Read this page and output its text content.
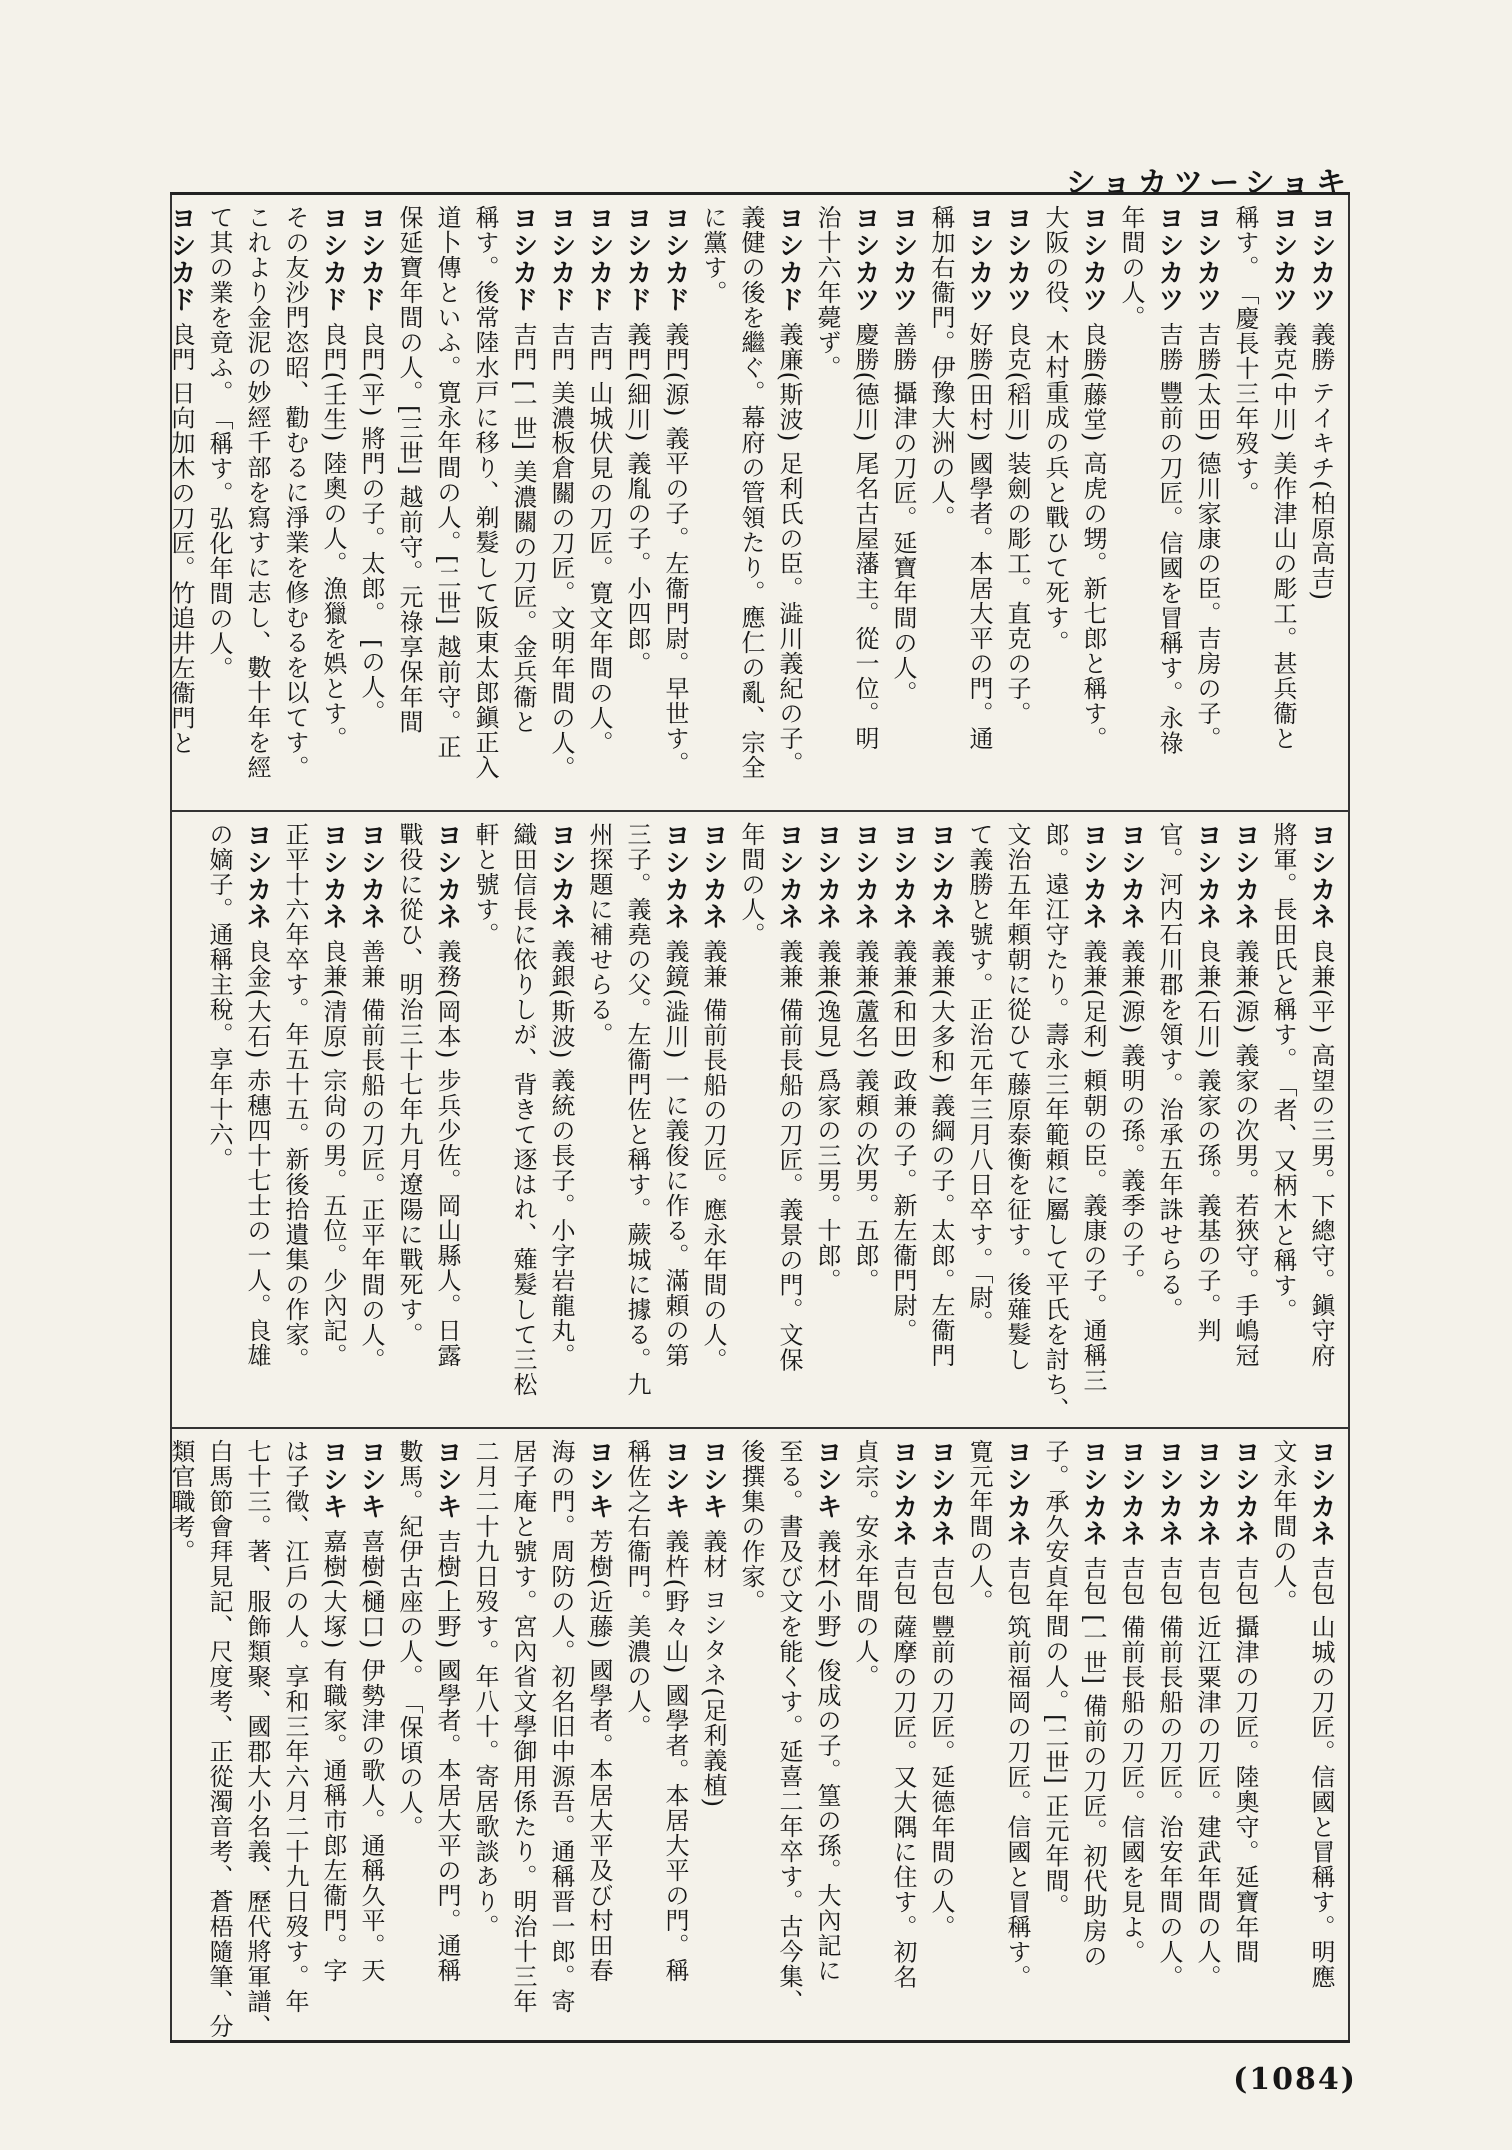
ショカツーショキ
ヨシカツ 義勝 テイキチ(柏原高吉)
ヨシカツ 義克(中川) 美作津山の彫工。甚兵衞と
稱す。　「慶長十三年歿す。
ヨシカツ 吉勝(太田) 德川家康の臣。吉房の子。
ヨシカツ 吉勝 豐前の刀匠。信國を冒稱す。永祿
年間の人。
ヨシカツ 良勝(藤堂) 高虎の甥。新七郎と稱す。
大阪の役、木村重成の兵と戰ひて死す。
ヨシカツ 良克(稻川) 装劍の彫工。直克の子。
ヨシカツ 好勝(田村) 國學者。本居大平の門。通
稱加右衞門。伊豫大洲の人。
ヨシカツ 善勝 攝津の刀匠。延寶年間の人。
ヨシカツ 慶勝(德川) 尾名古屋藩主。從一位。明
治十六年薨ず。
ヨシカド 義廉(斯波) 足利氏の臣。澁川義紀の子。
義健の後を繼ぐ。幕府の管領たり。應仁の亂、宗全
に黨す。
ヨシカド 義門(源) 義平の子。左衞門尉。早世す。
ヨシカド 義門(細川) 義胤の子。小四郎。
ヨシカド 吉門 山城伏見の刀匠。寛文年間の人。
ヨシカド 吉門 美濃板倉關の刀匠。文明年間の人。
ヨシカド 吉門 [一世] 美濃關の刀匠。金兵衞と
稱す。後常陸水戸に移り、剃髮して阪東太郎鎭正入
道卜傳といふ。寛永年間の人。[二世] 越前守。正
保延寶年間の人。[三世] 越前守。元祿享保年間
ヨシカド 良門(平) 將門の子。太郎。　[の人。
ヨシカド 良門(壬生) 陸奧の人。漁獵を娯とす。
その友沙門恣昭、勸むるに淨業を修むるを以てす。
これより金泥の妙經千部を寫すに志し、數十年を經
て其の業を竟ふ。　「稱す。弘化年間の人。
ヨシカド 良門 日向加木の刀匠。竹追井左衞門と
ヨシカネ 良兼(平) 高望の三男。下總守。鎭守府
將軍。長田氏と稱す。　「者、又柄木と稱す。
ヨシカネ 義兼(源) 義家の次男。若狹守。手嶋冠
ヨシカネ 良兼(石川) 義家の孫。義基の子。判
官。河内石川郡を領す。治承五年誅せらる。
ヨシカネ 義兼(源) 義明の孫。義季の子。
ヨシカネ 義兼(足利) 頼朝の臣。義康の子。通稱三
郎。遠江守たり。壽永三年範頼に屬して平氏を討ち、
文治五年頼朝に從ひて藤原泰衡を征す。後薙髮し
て義勝と號す。正治元年三月八日卒す。「尉。
ヨシカネ 義兼(大多和) 義綱の子。太郎。左衞門
ヨシカネ 義兼(和田) 政兼の子。新左衞門尉。
ヨシカネ 義兼(蘆名) 義頼の次男。五郎。
ヨシカネ 義兼(逸見) 爲家の三男。十郎。
ヨシカネ 義兼 備前長船の刀匠。義景の門。文保
年間の人。
ヨシカネ 義兼 備前長船の刀匠。應永年間の人。
ヨシカネ 義鏡(澁川) 一に義俊に作る。滿頼の第
三子。義堯の父。左衞門佐と稱す。蕨城に據る。九
州探題に補せらる。
ヨシカネ 義銀(斯波) 義統の長子。小字岩龍丸。
織田信長に依りしが、背きて逐はれ、薙髮して三松
軒と號す。
ヨシカネ 義務(岡本) 步兵少佐。岡山縣人。日露
戰役に從ひ、明治三十七年九月遼陽に戰死す。
ヨシカネ 善兼 備前長船の刀匠。正平年間の人。
ヨシカネ 良兼(清原) 宗尙の男。五位。少內記。
正平十六年卒す。年五十五。新後拾遺集の作家。
ヨシカネ 良金(大石) 赤穗四十七士の一人。良雄
の嫡子。通稱主稅。享年十六。
ヨシカネ 吉包 山城の刀匠。信國と冒稱す。明應
文永年間の人。
ヨシカネ 吉包 攝津の刀匠。陸奧守。延寶年間
ヨシカネ 吉包 近江粟津の刀匠。建武年間の人。
ヨシカネ 吉包 備前長船の刀匠。治安年間の人。
ヨシカネ 吉包 備前長船の刀匠。信國を見よ。
ヨシカネ 吉包 [一世] 備前の刀匠。初代助房の
子。承久安貞年間の人。[二世] 正元年間。
ヨシカネ 吉包 筑前福岡の刀匠。信國と冒稱す。
寛元年間の人。
ヨシカネ 吉包 豐前の刀匠。延德年間の人。
ヨシカネ 吉包 薩摩の刀匠。又大隅に住す。初名
貞宗。安永年間の人。
ヨシキ 義材(小野) 俊成の子。篁の孫。大內記に
至る。書及び文を能くす。延喜二年卒す。古今集、
後撰集の作家。
ヨシキ 義材 ヨシタネ(足利義植)
ヨシキ 義杵(野々山) 國學者。本居大平の門。稱
稱佐之右衞門。美濃の人。
ヨシキ 芳樹(近藤) 國學者。本居大平及び村田春
海の門。周防の人。初名旧中源吾。通稱晋一郎。寄
居子庵と號す。宮內省文學御用係たり。明治十三年
二月二十九日歿す。年八十。寄居歌談あり。
ヨシキ 吉樹(上野) 國學者。本居大平の門。通稱
數馬。紀伊古座の人。　「保頃の人。
ヨシキ 喜樹(樋口) 伊勢津の歌人。通稱久平。天
ヨシキ 嘉樹(大塚) 有職家。通稱市郎左衞門。字
は子徵、江戶の人。享和三年六月二十九日歿す。年
七十三。著、服飾類聚、國郡大小名義、歷代將軍譜、
白馬節會拜見記、尺度考、正從濁音考、蒼梧隨筆、分
類官職考。
(1084)
